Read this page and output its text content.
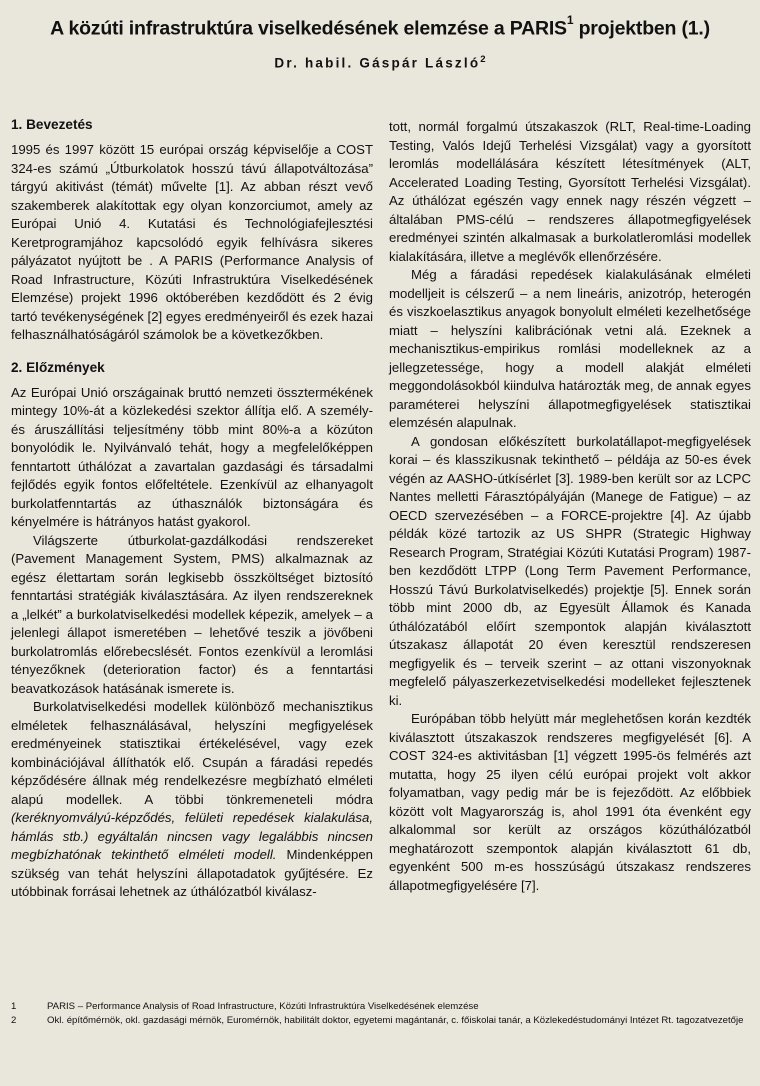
A közúti infrastruktúra viselkedésének elemzése a PARIS$^1$ projektben (1.)
Dr. habil. Gáspár László$^2$
1. Bevezetés

1995 és 1997 között 15 európai ország képviselője a COST 324-es számú „Útburkolatok hosszú távú állapotváltozása” tárgyú akitivást (témát) művelte [1]. Az abban részt vevő szakemberek alakítottak egy olyan konzorciumot, amely az Európai Unió 4. Kutatási és Technológiafejlesztési Keretprogramjához kapcsolódó egyik felhívásra sikeres pályázatot nyújtott be . A PARIS (Performance Analysis of Road Infrastructure, Közúti Infrastruktúra Viselkedésének Elemzése) projekt 1996 októberében kezdődött és 2 évig tartó tevékenységének [2] egyes eredményeiről és ezek hazai felhasználhatóságáról számolok be a következőkben.

2. Előzmények

Az Európai Unió országainak bruttó nemzeti össztermékének mintegy 10%-át a közlekedési szektor állítja elő. A személy- és áruszállítási teljesítmény több mint 80%-a a közúton bonyolódik le. Nyilvánvaló tehát, hogy a megfelelőképpen fenntartott úthálózat a zavartalan gazdasági és társadalmi fejlődés egyik fontos előfeltétele. Ezenkívül az elhanyagolt burkolatfenntartás az úthasználók biztonságára és kényelmére is hátrányos hatást gyakorol.

Világszerte útburkolat-gazdálkodási rendszereket (Pavement Management System, PMS) alkalmaznak az egész élettartam során legkisebb összköltséget biztosító fenntartási stratégiák kiválasztására. Az ilyen rendszereknek a „lelkét” a burkolatviselkedési modellek képezik, amelyek – a jelenlegi állapot ismeretében – lehetővé teszik a jövőbeni burkolatromlás előrebecslését. Fontos ezenkívül a leromlási tényezőknek (deterioration factor) és a fenntartási beavatkozások hatásának ismerete is.

Burkolatviselkedési modellek különböző mechanisztikus elméletek felhasználásával, helyszíni megfigyelések eredményeinek statisztikai értékelésével, vagy ezek kombinációjával állíthatók elő. Csupán a fáradási repedés képződésére állnak még rendelkezésre megbízható elméleti alapú modellek. A többi tönkremeneteli módra (keréknyomvályú-képződés, felületi repedések kialakulása, hámlás stb.) egyáltalán nincsen vagy legalábbis nincsen megbízhatónak tekinthető elméleti modell. Mindenképpen szükség van tehát helyszíni állapotadatok gyűjtésére. Ez utóbbinak forrásai lehetnek az úthálózatból kiválasz-

tott, normál forgalmú útszakaszok (RLT, Real-time-Loading Testing, Valós Idejű Terhelési Vizsgálat) vagy a gyorsított leromlás modellálására készített létesítmények (ALT, Accelerated Loading Testing, Gyorsított Terhelési Vizsgálat). Az úthálózat egészén vagy ennek nagy részén végzett – általában PMS-célú – rendszeres állapotmegfigyelések eredményei szintén alkalmasak a burkolatleromlási modellek kialakítására, illetve a meglévők ellenőrzésére.

Még a fáradási repedések kialakulásának elméleti modelljeit is célszerű – a nem lineáris, anizotróp, heterogén és viszkoelasztikus anyagok bonyolult elméleti kezelhetősége miatt – helyszíni kalibrációnak vetni alá. Ezeknek a mechanisztikus-empirikus romlási modelleknek az a jellegzetessége, hogy a modell alakját elméleti meggondolásokból kiindulva határozták meg, de annak egyes paraméterei helyszíni állapotmegfigyelések statisztikai elemzésén alapulnak.

A gondosan előkészített burkolatállapot-megfigyelések korai – és klasszikusnak tekinthető – példája az 50-es évek végén az AASHO-útkísérlet [3]. 1989-ben került sor az LCPC Nantes melletti Fárasztópályáján (Manege de Fatigue) – az OECD szervezésében – a FORCE-projektre [4]. Az újabb példák közé tartozik az US SHPR (Strategic Highway Research Program, Stratégiai Közúti Kutatási Program) 1987-ben kezdődött LTPP (Long Term Pavement Performance, Hosszú Távú Burkolatviselkedés) projektje [5]. Ennek során több mint 2000 db, az Egyesült Államok és Kanada úthálózatából előírt szempontok alapján kiválasztott útszakasz állapotát 20 éven keresztül rendszeresen megfigyelik és – terveik szerint – az ottani viszonyoknak megfelelő pályaszerkezetviselkedési modelleket fejlesztenek ki.

Európában több helyütt már meglehetősen korán kezdték kiválasztott útszakaszok rendszeres megfigyelését [6]. A COST 324-es aktivitásban [1] végzett 1995-ös felmérés azt mutatta, hogy 25 ilyen célú európai projekt volt akkor folyamatban, vagy pedig már be is fejeződött. Az előbbiek között volt Magyarország is, ahol 1991 óta évenként egy alkalommal sor került az országos közúthálózatból meghatározott szempontok alapján kiválasztott 61 db, egyenként 500 m-es hosszúságú útszakasz rendszeres állapotmegfigyelésére [7].

1	PARIS – Performance Analysis of Road Infrastructure, Közúti Infrastruktúra Viselkedésének elemzése
2	Okl. építőmérnök, okl. gazdasági mérnök, Euromérnök, habilitált doktor, egyetemi magántanár, c. főiskolai tanár, a Közlekedéstudományi Intézet Rt. tagozatvezetője
